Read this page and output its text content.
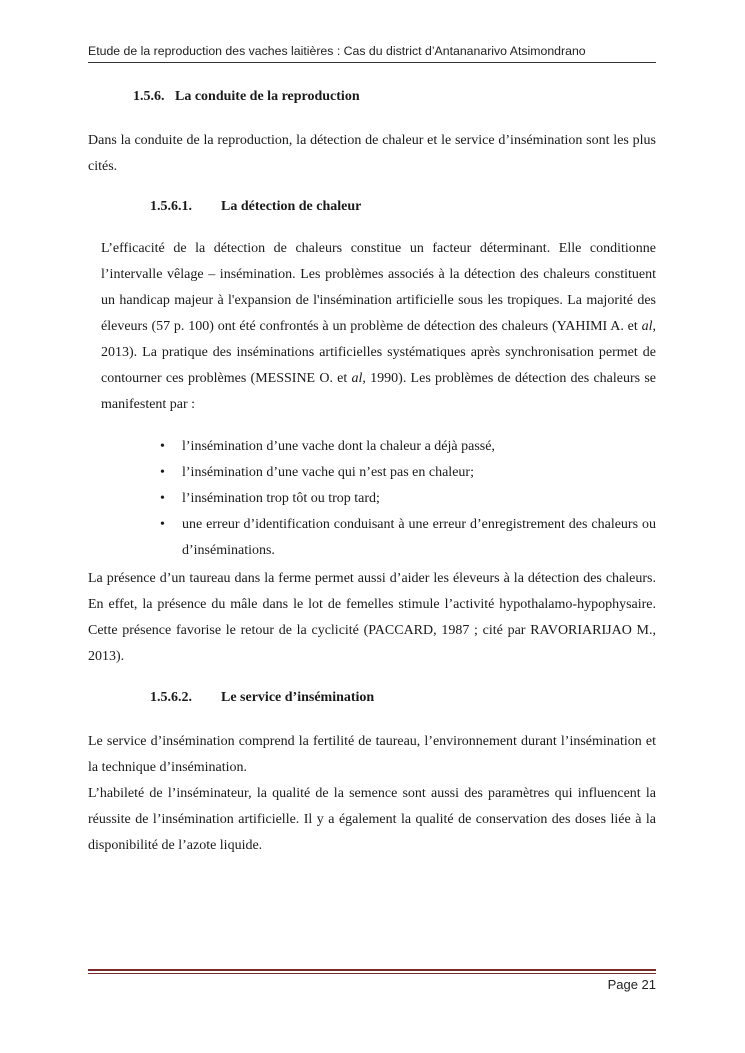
Etude de la reproduction des vaches laitières : Cas du district d’Antananarivo Atsimondrano
1.5.6. La conduite de la reproduction

Dans la conduite de la reproduction, la détection de chaleur et le service d’insémination sont les plus cités.

1.5.6.1. La détection de chaleur

L’efficacité de la détection de chaleurs constitue un facteur déterminant. Elle conditionne l’intervalle vêlage – insémination. Les problèmes associés à la détection des chaleurs constituent un handicap majeur à l'expansion de l'insémination artificielle sous les tropiques. La majorité des éleveurs (57 p. 100) ont été confrontés à un problème de détection des chaleurs (YAHIMI A. et al, 2013). La pratique des inséminations artificielles systématiques après synchronisation permet de contourner ces problèmes (MESSINE O. et al, 1990). Les problèmes de détection des chaleurs se manifestent par :

• l’insémination d’une vache dont la chaleur a déjà passé,
• l’insémination d’une vache qui n’est pas en chaleur;
• l’insémination trop tôt ou trop tard;
• une erreur d’identification conduisant à une erreur d’enregistrement des chaleurs ou d’inséminations.

La présence d’un taureau dans la ferme permet aussi d’aider les éleveurs à la détection des chaleurs. En effet, la présence du mâle dans le lot de femelles stimule l’activité hypothalamo-hypophysaire. Cette présence favorise le retour de la cyclicité (PACCARD, 1987 ; cité par RAVORIARIJAO M., 2013).

1.5.6.2. Le service d’insémination

Le service d’insémination comprend la fertilité de taureau, l’environnement durant l’insémination et la technique d’insémination.

L’habileté de l’inséminateur, la qualité de la semence sont aussi des paramètres qui influencent la réussite de l’insémination artificielle. Il y a également la qualité de conservation des doses liée à la disponibilité de l’azote liquide.

Page 21
